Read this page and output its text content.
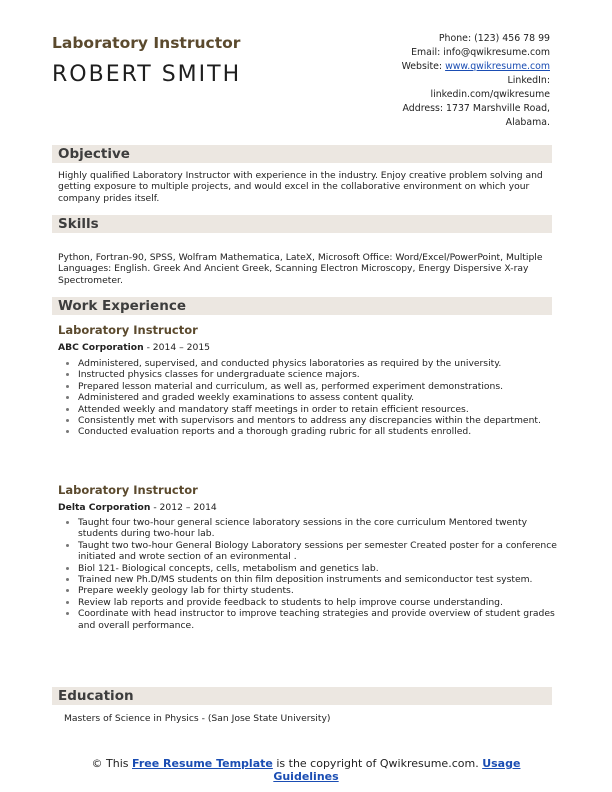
Laboratory Instructor
ROBERT SMITH
Phone: (123) 456 78 99
Email: info@qwikresume.com
Website: www.qwikresume.com
LinkedIn:
linkedin.com/qwikresume
Address: 1737 Marshville Road,
Alabama.
Objective
Highly qualified Laboratory Instructor with experience in the industry. Enjoy creative problem solving and getting exposure to multiple projects, and would excel in the collaborative environment on which your company prides itself.
Skills
Python, Fortran-90, SPSS, Wolfram Mathematica, LateX, Microsoft Office: Word/Excel/PowerPoint, Multiple Languages: English. Greek And Ancient Greek, Scanning Electron Microscopy, Energy Dispersive X-ray Spectrometer.
Work Experience
Laboratory Instructor
ABC Corporation - 2014 – 2015
• Administered, supervised, and conducted physics laboratories as required by the university.
• Instructed physics classes for undergraduate science majors.
• Prepared lesson material and curriculum, as well as, performed experiment demonstrations.
• Administered and graded weekly examinations to assess content quality.
• Attended weekly and mandatory staff meetings in order to retain efficient resources.
• Consistently met with supervisors and mentors to address any discrepancies within the department.
• Conducted evaluation reports and a thorough grading rubric for all students enrolled.
Laboratory Instructor
Delta Corporation - 2012 – 2014
• Taught four two-hour general science laboratory sessions in the core curriculum Mentored twenty students during two-hour lab.
• Taught two two-hour General Biology Laboratory sessions per semester Created poster for a conference initiated and wrote section of an evironmental .
• Biol 121- Biological concepts, cells, metabolism and genetics lab.
• Trained new Ph.D/MS students on thin film deposition instruments and semiconductor test system.
• Prepare weekly geology lab for thirty students.
• Review lab reports and provide feedback to students to help improve course understanding.
• Coordinate with head instructor to improve teaching strategies and provide overview of student grades and overall performance.
Education
Masters of Science in Physics - (San Jose State University)
© This Free Resume Template is the copyright of Qwikresume.com. Usage
Guidelines
